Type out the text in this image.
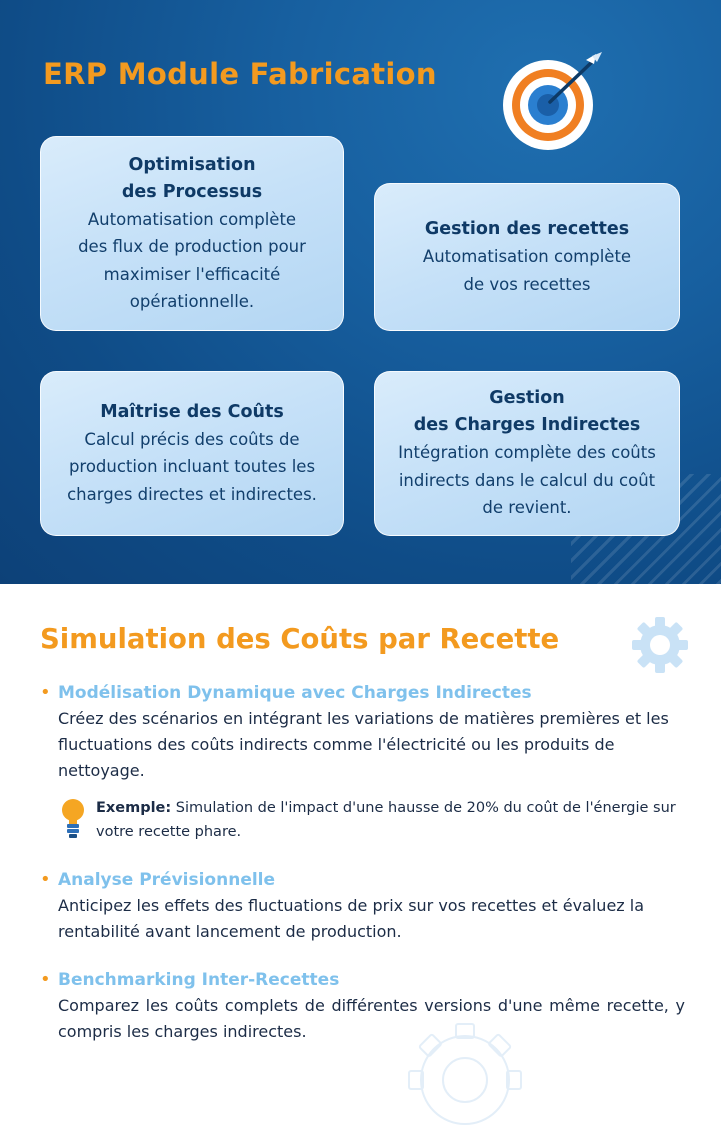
ERP Module Fabrication
Optimisation
des Processus
Automatisation complète
des flux de production pour
maximiser l'efficacité
opérationnelle.
Gestion des recettes
Automatisation complète
de vos recettes
Maîtrise des Coûts
Calcul précis des coûts de
production incluant toutes les
charges directes et indirectes.
Gestion
des Charges Indirectes
Intégration complète des coûts
indirects dans le calcul du coût
de revient.
Simulation des Coûts par Recette
• Modélisation Dynamique avec Charges Indirectes
Créez des scénarios en intégrant les variations de matières premières et les fluctuations des coûts indirects comme l'électricité ou les produits de nettoyage.
Exemple: Simulation de l'impact d'une hausse de 20% du coût de l'énergie sur votre recette phare.
• Analyse Prévisionnelle
Anticipez les effets des fluctuations de prix sur vos recettes et évaluez la rentabilité avant lancement de production.
• Benchmarking Inter-Recettes
Comparez les coûts complets de différentes versions d'une même recette, y compris les charges indirectes.
